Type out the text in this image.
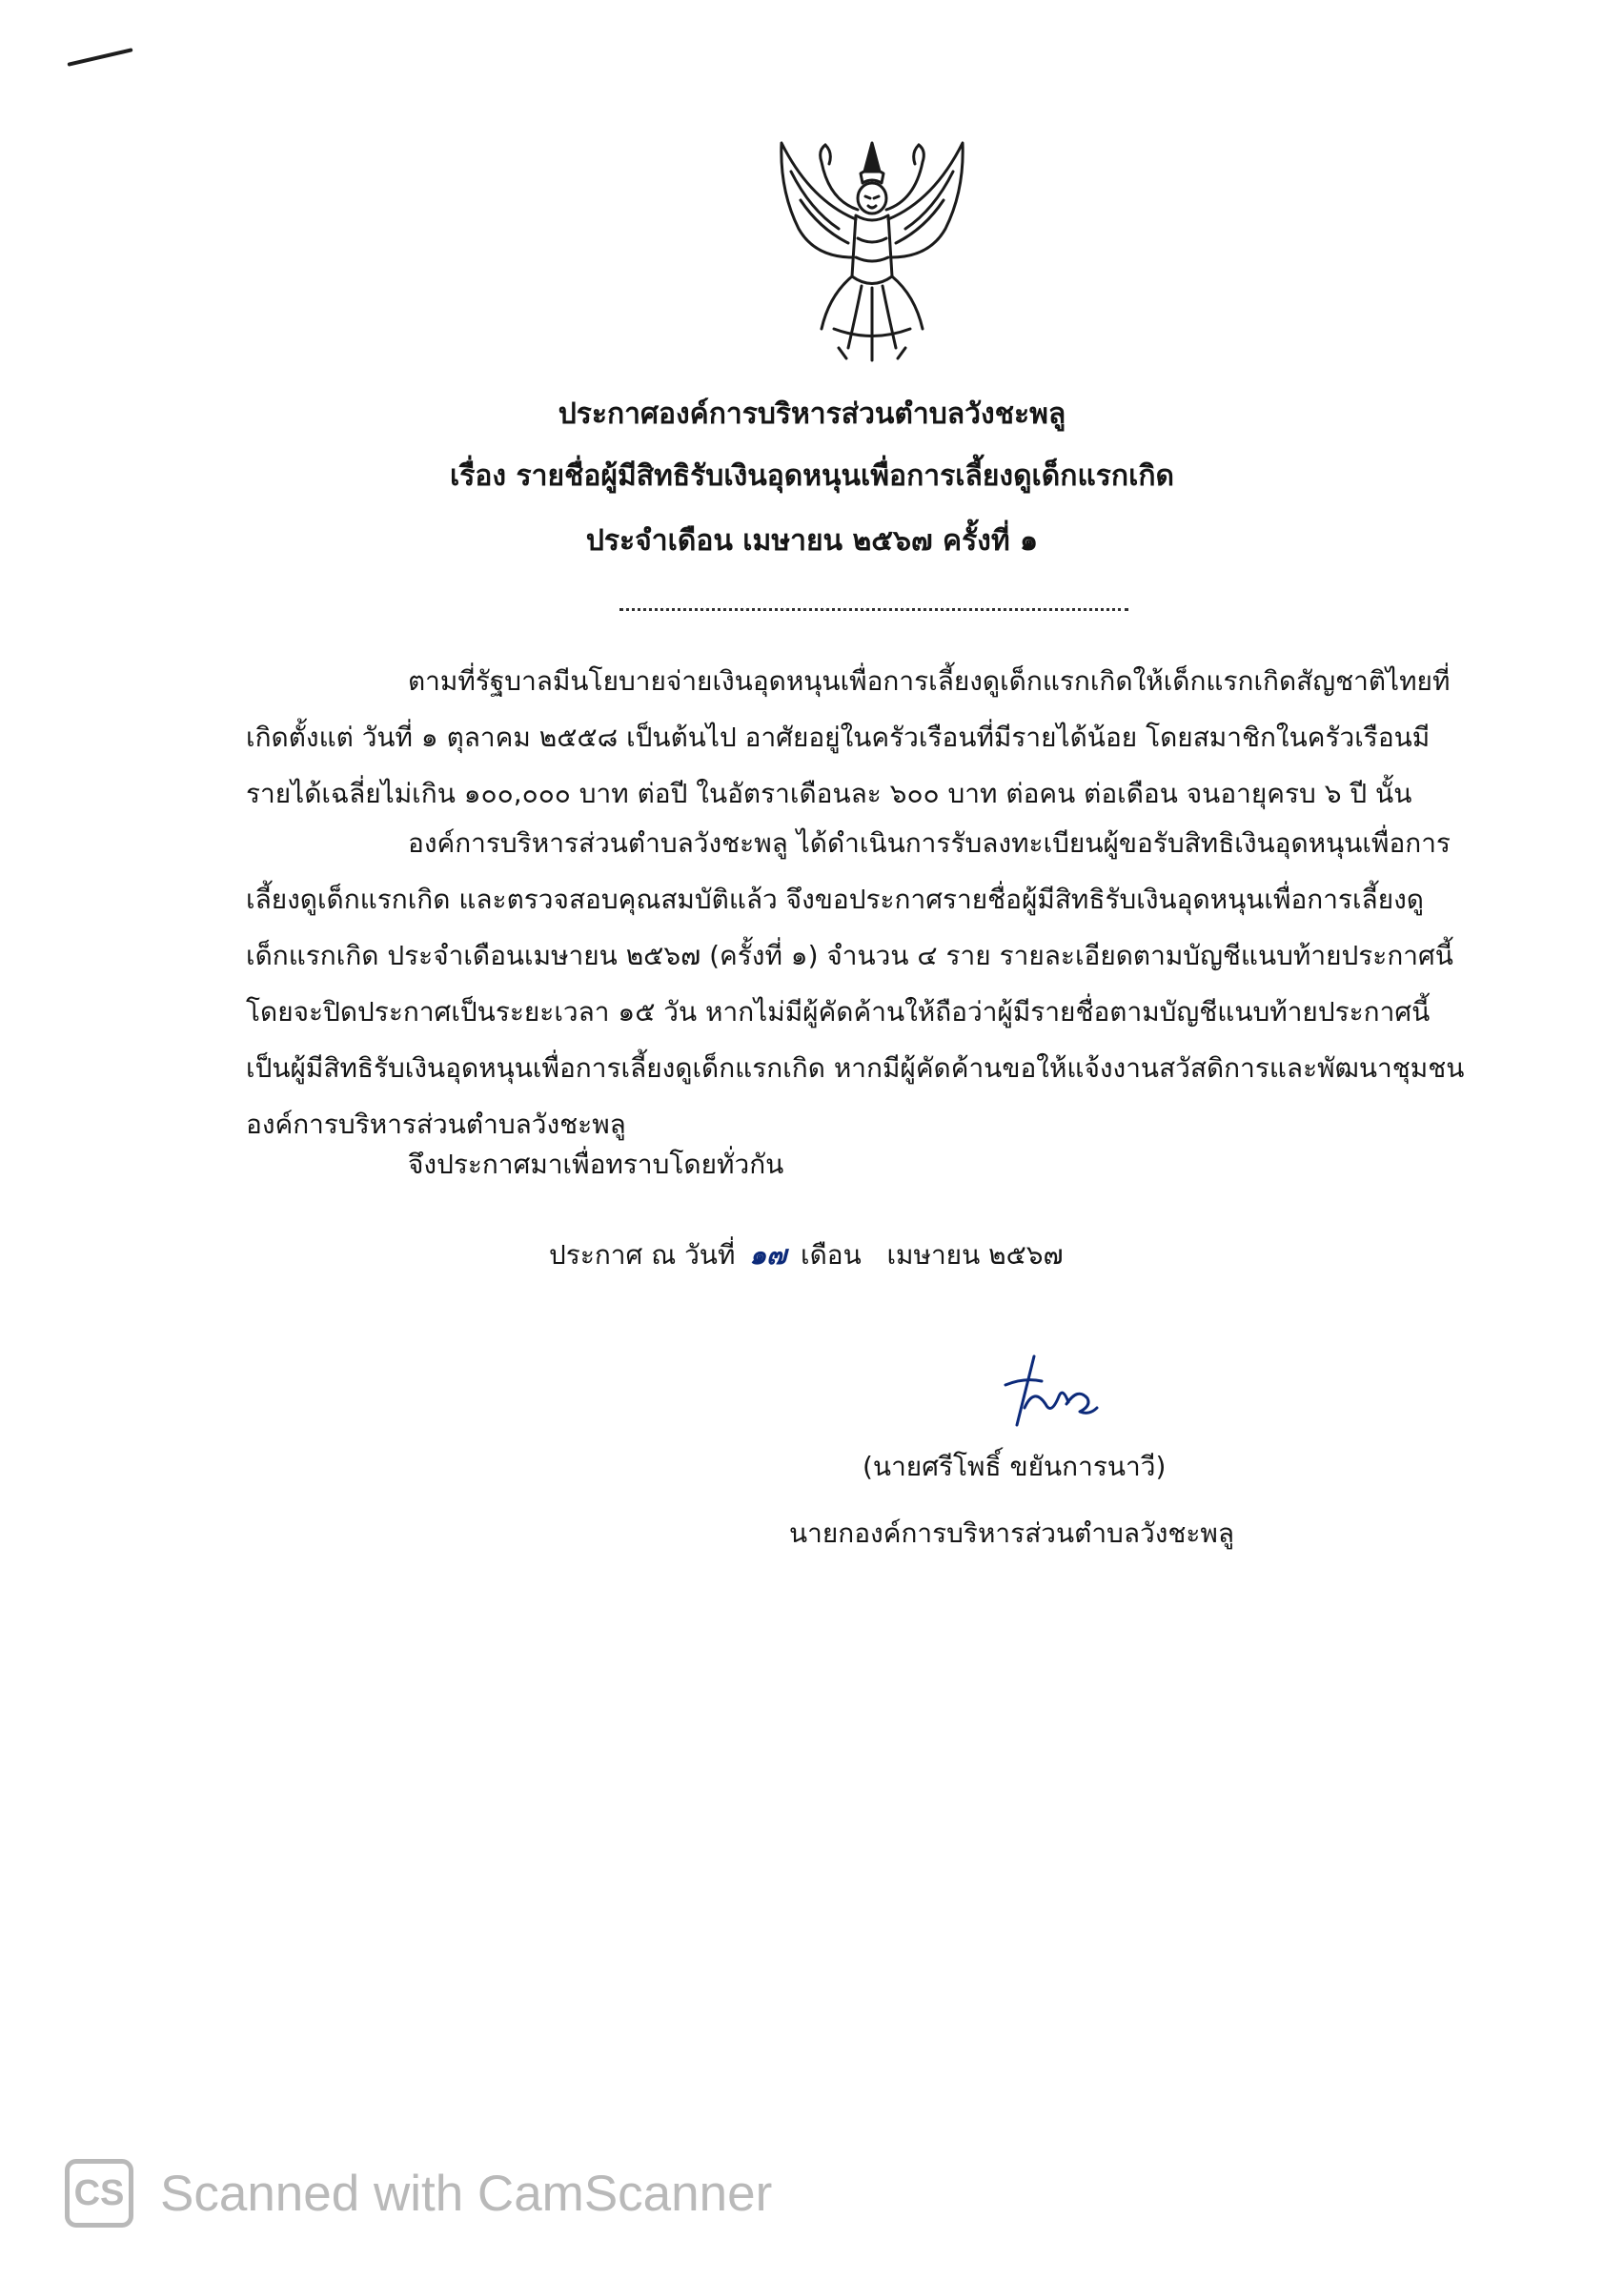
ประกาศองค์การบริหารส่วนตำบลวังชะพลู
เรื่อง รายชื่อผู้มีสิทธิรับเงินอุดหนุนเพื่อการเลี้ยงดูเด็กแรกเกิด
ประจำเดือน เมษายน ๒๕๖๗ ครั้งที่ ๑
ตามที่รัฐบาลมีนโยบายจ่ายเงินอุดหนุนเพื่อการเลี้ยงดูเด็กแรกเกิดให้เด็กแรกเกิดสัญชาติไทยที่
เกิดตั้งแต่ วันที่ ๑ ตุลาคม ๒๕๕๘ เป็นต้นไป อาศัยอยู่ในครัวเรือนที่มีรายได้น้อย โดยสมาชิกในครัวเรือนมี
รายได้เฉลี่ยไม่เกิน ๑๐๐,๐๐๐ บาท ต่อปี ในอัตราเดือนละ ๖๐๐ บาท ต่อคน ต่อเดือน จนอายุครบ ๖ ปี นั้น
องค์การบริหารส่วนตำบลวังชะพลู ได้ดำเนินการรับลงทะเบียนผู้ขอรับสิทธิเงินอุดหนุนเพื่อการ
เลี้ยงดูเด็กแรกเกิด และตรวจสอบคุณสมบัติแล้ว จึงขอประกาศรายชื่อผู้มีสิทธิรับเงินอุดหนุนเพื่อการเลี้ยงดู
เด็กแรกเกิด ประจำเดือนเมษายน ๒๕๖๗ (ครั้งที่ ๑) จำนวน ๔ ราย รายละเอียดตามบัญชีแนบท้ายประกาศนี้
โดยจะปิดประกาศเป็นระยะเวลา ๑๕ วัน หากไม่มีผู้คัดค้านให้ถือว่าผู้มีรายชื่อตามบัญชีแนบท้ายประกาศนี้
เป็นผู้มีสิทธิรับเงินอุดหนุนเพื่อการเลี้ยงดูเด็กแรกเกิด หากมีผู้คัดค้านขอให้แจ้งงานสวัสดิการและพัฒนาชุมชน
องค์การบริหารส่วนตำบลวังชะพลู
จึงประกาศมาเพื่อทราบโดยทั่วกัน
ประกาศ ณ วันที่ ๑๗ เดือน เมษายน ๒๕๖๗
(นายศรีโพธิ์ ขยันการนาวี)
นายกองค์การบริหารส่วนตำบลวังชะพลู
CS Scanned with CamScanner
